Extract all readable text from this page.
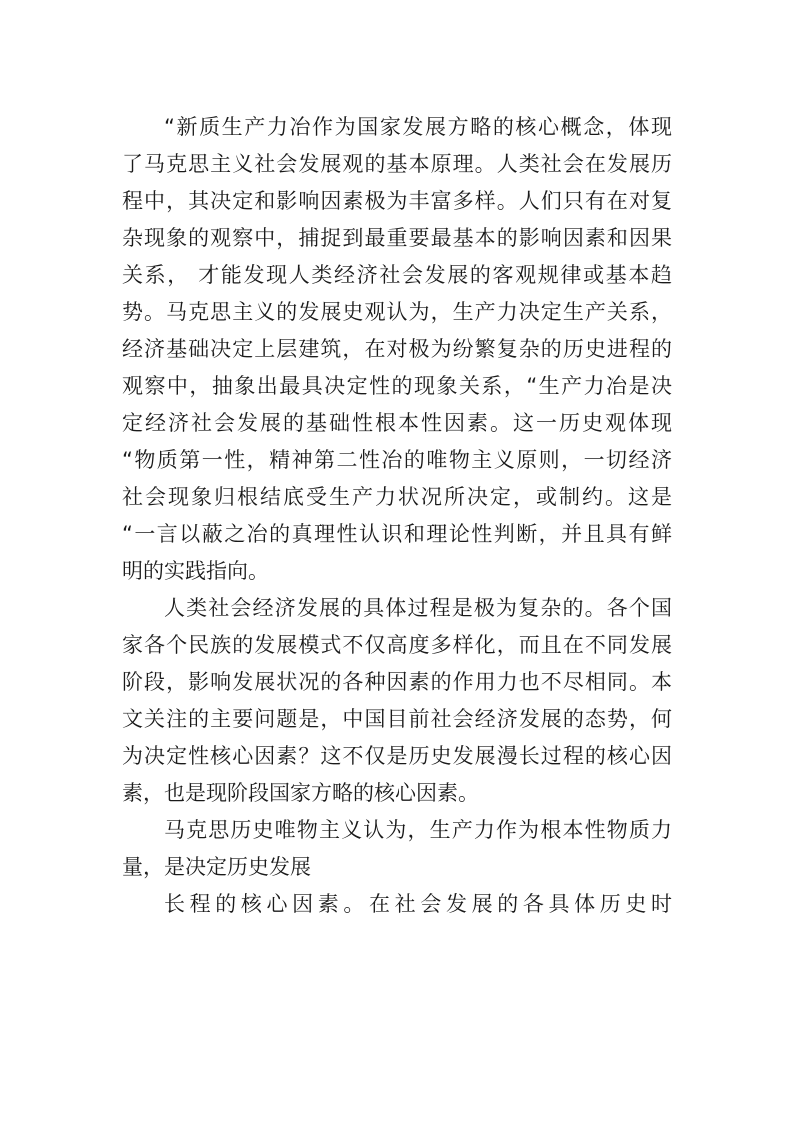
“新质生产力冶作为国家发展方略的核心概念，体现
了马克思主义社会发展观的基本原理。人类社会在发展历
程中，其决定和影响因素极为丰富多样。人们只有在对复
杂现象的观察中，捕捉到最重要最基本的影响因素和因果
关系， 才能发现人类经济社会发展的客观规律或基本趋
势。马克思主义的发展史观认为，生产力决定生产关系，
经济基础决定上层建筑，在对极为纷繁复杂的历史进程的
观察中，抽象出最具决定性的现象关系，“生产力冶是决
定经济社会发展的基础性根本性因素。这一历史观体现
“物质第一性，精神第二性冶的唯物主义原则，一切经济
社会现象归根结底受生产力状况所决定，或制约。这是
“一言以蔽之冶的真理性认识和理论性判断，并且具有鲜
明的实践指向。
人类社会经济发展的具体过程是极为复杂的。各个国
家各个民族的发展模式不仅高度多样化，而且在不同发展
阶段，影响发展状况的各种因素的作用力也不尽相同。本
文关注的主要问题是，中国目前社会经济发展的态势，何
为决定性核心因素？这不仅是历史发展漫长过程的核心因
素，也是现阶段国家方略的核心因素。
马克思历史唯物主义认为，生产力作为根本性物质力
量，是决定历史发展
长程的核心因素。在社会发展的各具体历史时
